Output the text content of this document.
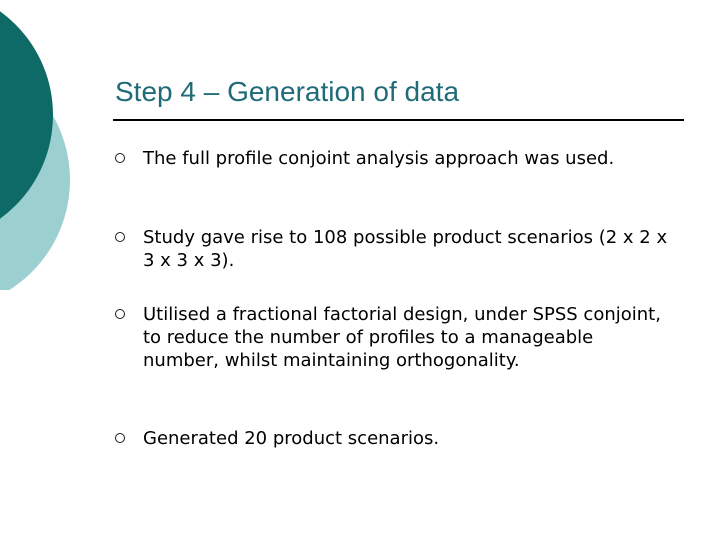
Step 4 – Generation of data

The full profile conjoint analysis approach was used.

Study gave rise to 108 possible product scenarios (2 x 2 x 3 x 3 x 3).

Utilised a fractional factorial design, under SPSS conjoint, to reduce the number of profiles to a manageable number, whilst maintaining orthogonality.

Generated 20 product scenarios.
